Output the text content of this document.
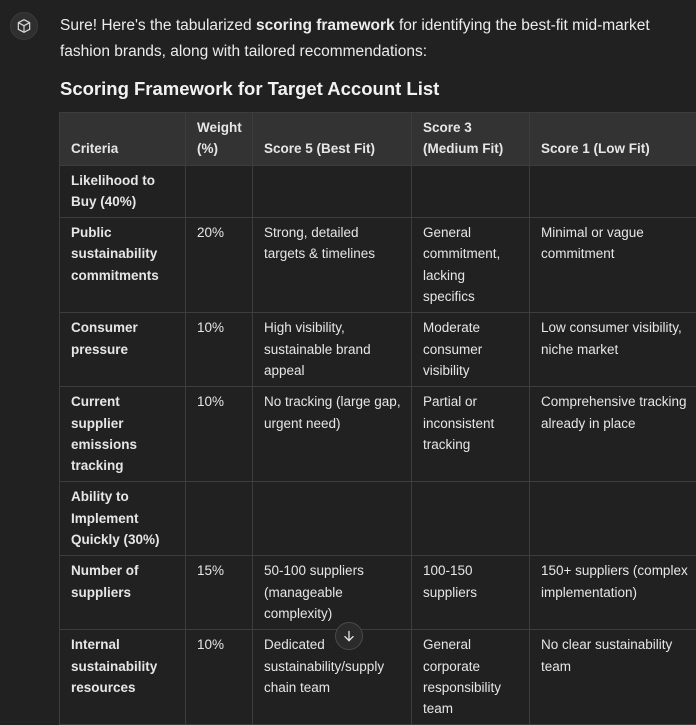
Sure! Here's the tabularized scoring framework for identifying the best-fit mid-market fashion brands, along with tailored recommendations:
Scoring Framework for Target Account List
Criteria	Weight (%)	Score 5 (Best Fit)	Score 3 (Medium Fit)	Score 1 (Low Fit)
Likelihood to Buy (40%)				
Public sustainability commitments	20%	Strong, detailed targets & timelines	General commitment, lacking specifics	Minimal or vague commitment
Consumer pressure	10%	High visibility, sustainable brand appeal	Moderate consumer visibility	Low consumer visibility, niche market
Current supplier emissions tracking	10%	No tracking (large gap, urgent need)	Partial or inconsistent tracking	Comprehensive tracking already in place
Ability to Implement Quickly (30%)				
Number of suppliers	15%	50-100 suppliers (manageable complexity)	100-150 suppliers	150+ suppliers (complex implementation)
Internal sustainability resources	10%	Dedicated sustainability/supply chain team	General corporate responsibility team	No clear sustainability team
